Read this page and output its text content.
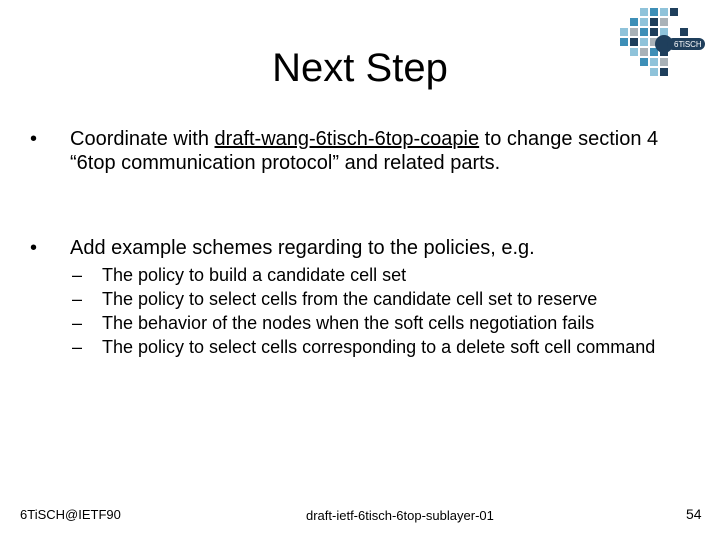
6TiSCH
Next Step
•	Coordinate with draft-wang-6tisch-6top-coapie to change section 4 “6top communication protocol” and related parts.
•	Add example schemes regarding to the policies, e.g.
–	The policy to build a candidate cell set
–	The policy to select cells from the candidate cell set to reserve
–	The behavior of the nodes when the soft cells negotiation fails
–	The policy to select cells corresponding to a delete soft cell command
6TiSCH@IETF90	draft-ietf-6tisch-6top-sublayer-01	54
